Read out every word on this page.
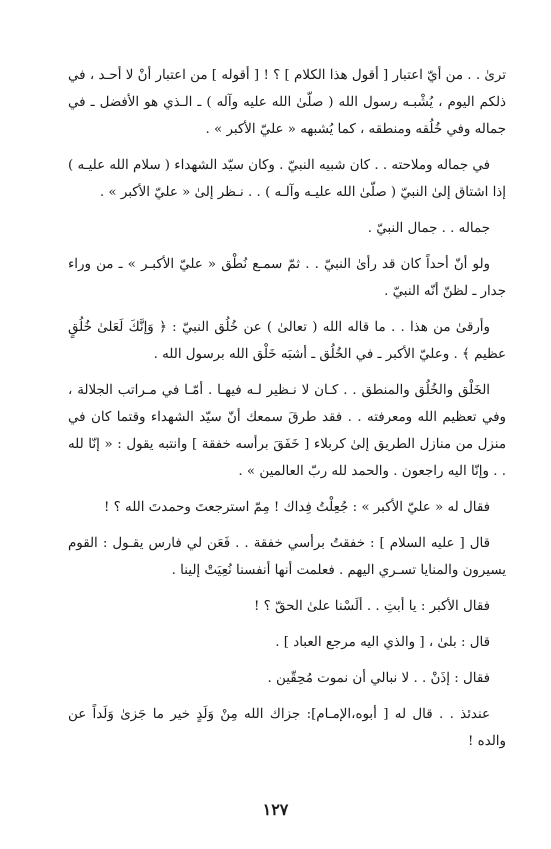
ترىٰ . . من أيّ اعتبار [ أقول هذا الكلام ] ؟ ! [ أقوله ] من اعتبار أنْ لا أحـد ، في ذلكم اليوم ، يُشْبـه رسول الله ( صلّىٰ الله عليه وآله ) ـ الـذي هو الأفضل ـ في جماله وفي خُلُقه ومنطقه ، كما يُشبهه « عليّ الأكبر » .

في جماله وملاحته . . كان شبيه النبيّ . وكان سيّد الشهداء ( سلام الله عليـه ) إذا اشتاق إلىٰ النبيّ ( صلّىٰ الله عليـه وآلـه ) . . نـظر إلىٰ « عليّ الأكبر » .

جماله . . جمال النبيّ .

ولو أنّ أحداً كان قد رأىٰ النبيّ . . ثمّ سمـع نُطْق « عليّ الأكبـر » ـ من وراء جدار ـ لظنّ أنّه النبيّ .

وأرقىٰ من هذا . . ما قاله الله ( تعالىٰ ) عن خُلُق النبيّ : ﴿ وَإنَّكَ لَعَلىٰ خُلُقٍ عظيم ﴾ . وعليّ الأكبر ـ في الخُلُق ـ أشبَه خَلْق الله برسول الله .

الخَلْق والخُلُق والمنطق . . كـان لا نـظير لـه فيهـا . أمّـا في مـراتب الجلالة ، وفي تعظيم الله ومعرفته . . فقد طرقَ سمعك أنّ سيّد الشهداء وقتما كان في منزل من منازل الطريق إلىٰ كربلاء [ خَفَقَ برأسه خفقة ] وانتبه يقول : « إنّا لله . . وإنّا اليه راجعون . والحمد لله ربّ العالمين » .

فقال له « عليّ الأكبر » : جُعِلْتُ فِداك ! مِمّ استرجعتَ وحمدتَ الله ؟ !

قال [ عليه السلام ] : خفقتُ برأسي خفقة . . فَعَن لي فارس يقـول : القوم يسيرون والمنايا تسـري اليهم . فعلمت أنها أنفسنا نُعِيَتْ إلينا .

فقال الأكبر : يا أبتِ . . ألَسْنا علىٰ الحقّ ؟ !

قال : بلىٰ ، [ والذي اليه مرجع العباد ] .

فقال : إذَنْ . . لا نبالي أن نموت مُحِقّين .

عندئذ . . قال له [ أبوه،الإمـام]: جزاك الله مِنْ وَلَدٍ خير ما جَزىٰ وَلَداً عن والده !

١٢٧
